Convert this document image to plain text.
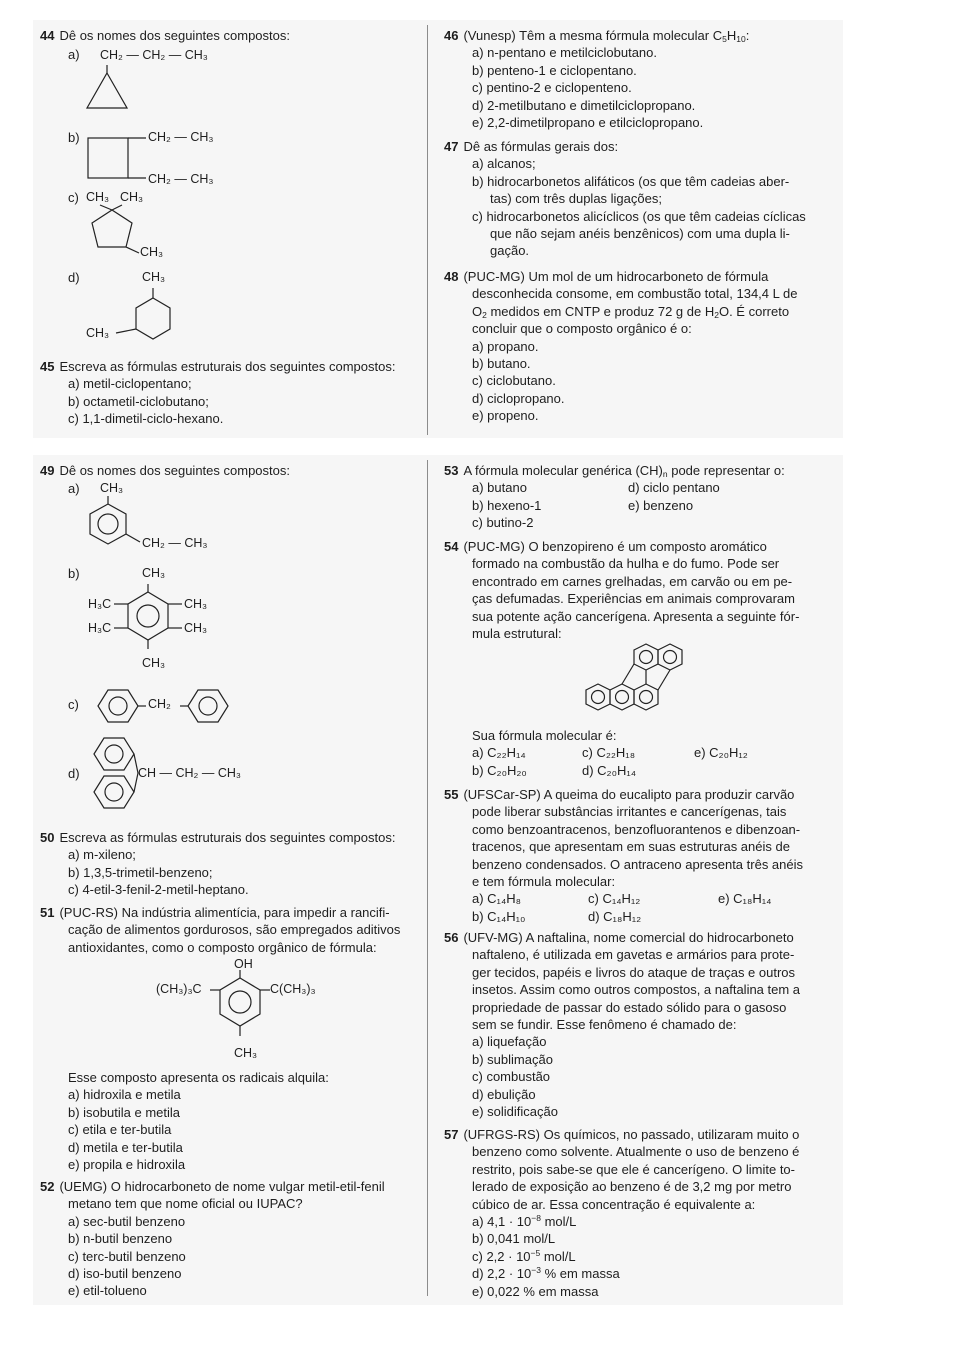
44 Dê os nomes dos seguintes compostos:

a) CH₂ — CH₂ — CH₃
b)	CH₂ — CH₃
CH₂ — CH₃
c) CH₃ CH₃
CH₃
d)	CH₃
CH₃

45 Escreva as fórmulas estruturais dos seguintes compostos:

a) metil-ciclopentano;

b) octametil-ciclobutano;

c) 1,1-dimetil-ciclo-hexano.

46 (Vunesp) Têm a mesma fórmula molecular $C_5H_{10}$:

a) n-pentano e metilciclobutano.

b) penteno-1 e ciclopentano.

c) pentino-2 e ciclopenteno.

d) 2-metilbutano e dimetilciclopropano.

e) 2,2-dimetilpropano e etilciclopropano.

47 Dê as fórmulas gerais dos:

a) alcanos;

b) hidrocarbonetos alifáticos (os que têm cadeias aber-

tas) com três duplas ligações;

c) hidrocarbonetos alicíclicos (os que têm cadeias cíclicas

que não sejam anéis benzênicos) com uma dupla li-

gação.

48 (PUC-MG) Um mol de um hidrocarboneto de fórmula

desconhecida consome, em combustão total, 134,4 L de

$O_2$ medidos em CNTP e produz 72 g de $H_2O$. É correto

concluir que o composto orgânico é o:

a) propano.

b) butano.

c) ciclobutano.

d) ciclopropano.

e) propeno.

49 Dê os nomes dos seguintes compostos:

a) CH₃
CH₂ — CH₃
b)	CH₃
H₃C
H₃C
CH₃
CH₃
CH₃
c)	CH₂
d)	CH — CH₂ — CH₃

50 Escreva as fórmulas estruturais dos seguintes compostos:

a) m-xileno;

b) 1,3,5-trimetil-benzeno;

c) 4-etil-3-fenil-2-metil-heptano.

51 (PUC-RS) Na indústria alimentícia, para impedir a rancifi-

cação de alimentos gordurosos, são empregados aditivos

antioxidantes, como o composto orgânico de fórmula:

OH
(CH₃)₃C	C(CH₃)₃
CH₃

Esse composto apresenta os radicais alquila:

a) hidroxila e metila

b) isobutila e metila

c) etila e ter-butila

d) metila e ter-butila

e) propila e hidroxila

52 (UEMG) O hidrocarboneto de nome vulgar metil-etil-fenil

metano tem que nome oficial ou IUPAC?

a) sec-butil benzeno

b) n-butil benzeno

c) terc-butil benzeno

d) iso-butil benzeno

e) etil-tolueno

53 A fórmula molecular genérica $(CH)_n$ pode representar o:

a) butano	d) ciclo pentano

b) hexeno-1	e) benzeno

c) butino-2

54 (PUC-MG) O benzopireno é um composto aromático

formado na combustão da hulha e do fumo. Pode ser

encontrado em carnes grelhadas, em carvão ou em pe-

ças defumadas. Experiências em animais comprovaram

sua potente ação cancerígena. Apresenta a seguinte fór-

mula estrutural:

Sua fórmula molecular é:

a) C₂₂H₁₄	c) C₂₂H₁₈	e) C₂₀H₁₂

b) C₂₀H₂₀	d) C₂₀H₁₄

55 (UFSCar-SP) A queima do eucalipto para produzir carvão

pode liberar substâncias irritantes e cancerígenas, tais

como benzoantracenos, benzofluorantenos e dibenzoan-

tracenos, que apresentam em suas estruturas anéis de

benzeno condensados. O antraceno apresenta três anéis

e tem fórmula molecular:

a) C₁₄H₈	c) C₁₄H₁₂	e) C₁₈H₁₄

b) C₁₄H₁₀	d) C₁₈H₁₂

56 (UFV-MG) A naftalina, nome comercial do hidrocarboneto

naftaleno, é utilizada em gavetas e armários para prote-

ger tecidos, papéis e livros do ataque de traças e outros

insetos. Assim como outros compostos, a naftalina tem a

propriedade de passar do estado sólido para o gasoso

sem se fundir. Esse fenômeno é chamado de:

a) liquefação

b) sublimação

c) combustão

d) ebulição

e) solidificação

57 (UFRGS-RS) Os químicos, no passado, utilizaram muito o

benzeno como solvente. Atualmente o uso de benzeno é

restrito, pois sabe-se que ele é cancerígeno. O limite to-

lerado de exposição ao benzeno é de 3,2 mg por metro

cúbico de ar. Essa concentração é equivalente a:

a) $4,1 \cdot 10^{-8}$ mol/L

b) 0,041 mol/L

c) $2,2 \cdot 10^{-5}$ mol/L

d) $2,2 \cdot 10^{-3}$ % em massa

e) 0,022 % em massa
